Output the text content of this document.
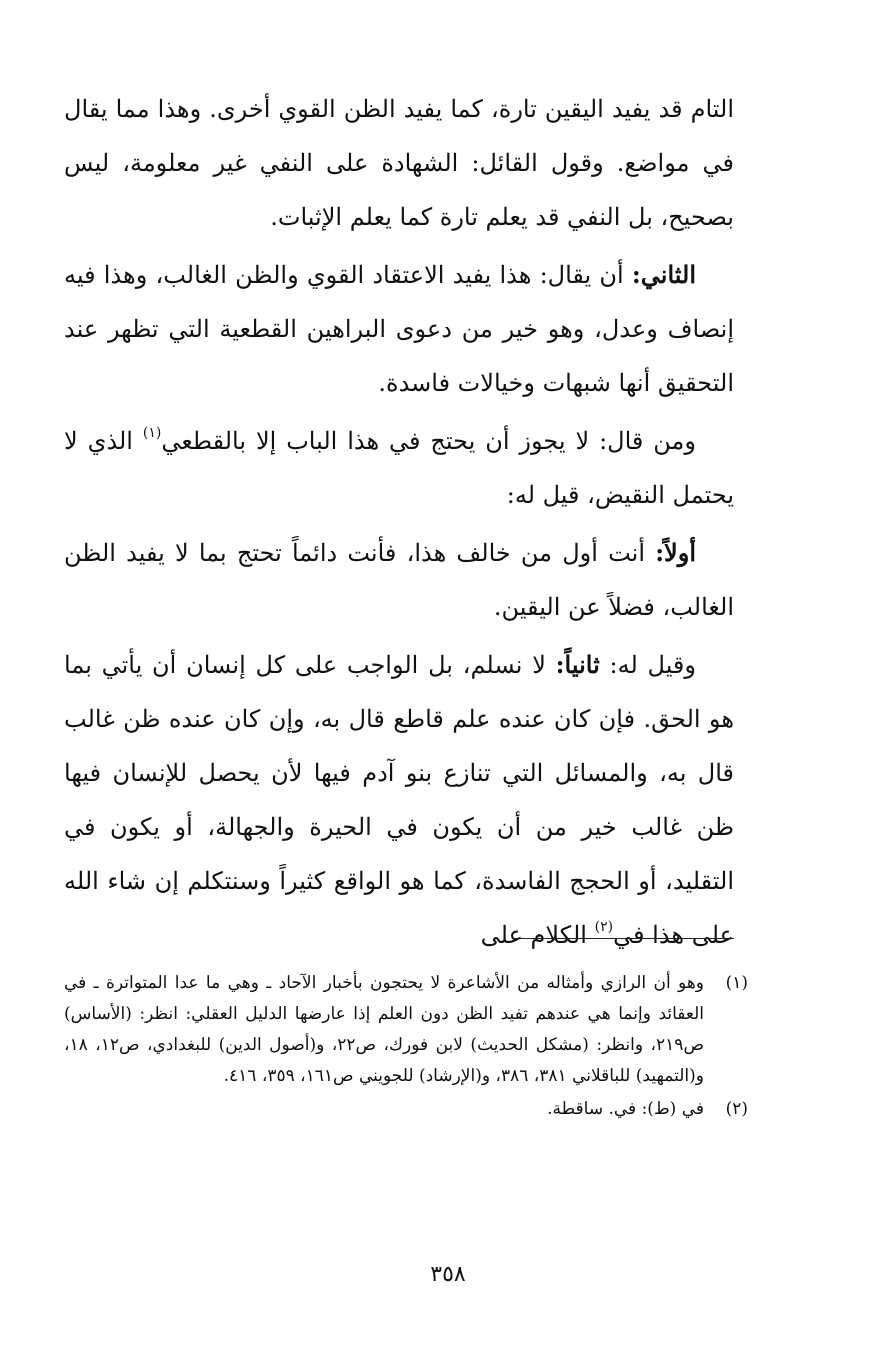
التام قد يفيد اليقين تارة، كما يفيد الظن القوي أخرى. وهذا مما يقال في مواضع. وقول القائل: الشهادة على النفي غير معلومة، ليس بصحيح، بل النفي قد يعلم تارة كما يعلم الإثبات.

الثاني: أن يقال: هذا يفيد الاعتقاد القوي والظن الغالب، وهذا فيه إنصاف وعدل، وهو خير من دعوى البراهين القطعية التي تظهر عند التحقيق أنها شبهات وخيالات فاسدة.

ومن قال: لا يجوز أن يحتج في هذا الباب إلا بالقطعي$^{(١)}$ الذي لا يحتمل النقيض، قيل له:

أولاً: أنت أول من خالف هذا، فأنت دائماً تحتج بما لا يفيد الظن الغالب، فضلاً عن اليقين.

وقيل له: ثانياً: لا نسلم، بل الواجب على كل إنسان أن يأتي بما هو الحق. فإن كان عنده علم قاطع قال به، وإن كان عنده ظن غالب قال به، والمسائل التي تنازع بنو آدم فيها لأن يحصل للإنسان فيها ظن غالب خير من أن يكون في الحيرة والجهالة، أو يكون في التقليد، أو الحجج الفاسدة، كما هو الواقع كثيراً وسنتكلم إن شاء الله على هذا في$^{(٢)}$ الكلام على

(١)
وهو أن الرازي وأمثاله من الأشاعرة لا يحتجون بأخبار الآحاد ـ وهي ما عدا المتواترة ـ في العقائد وإنما هي عندهم تفيد الظن دون العلم إذا عارضها الدليل العقلي: انظر: (الأساس) ص٢١٩، وانظر: (مشكل الحديث) لابن فورك، ص٢٢، و(أصول الدين) للبغدادي، ص١٢، ١٨، و(التمهيد) للباقلاني ٣٨١، ٣٨٦، و(الإرشاد) للجويني ص١٦١، ٣٥٩، ٤١٦.
(٢)
في (ط): في. ساقطة.
٣٥٨
